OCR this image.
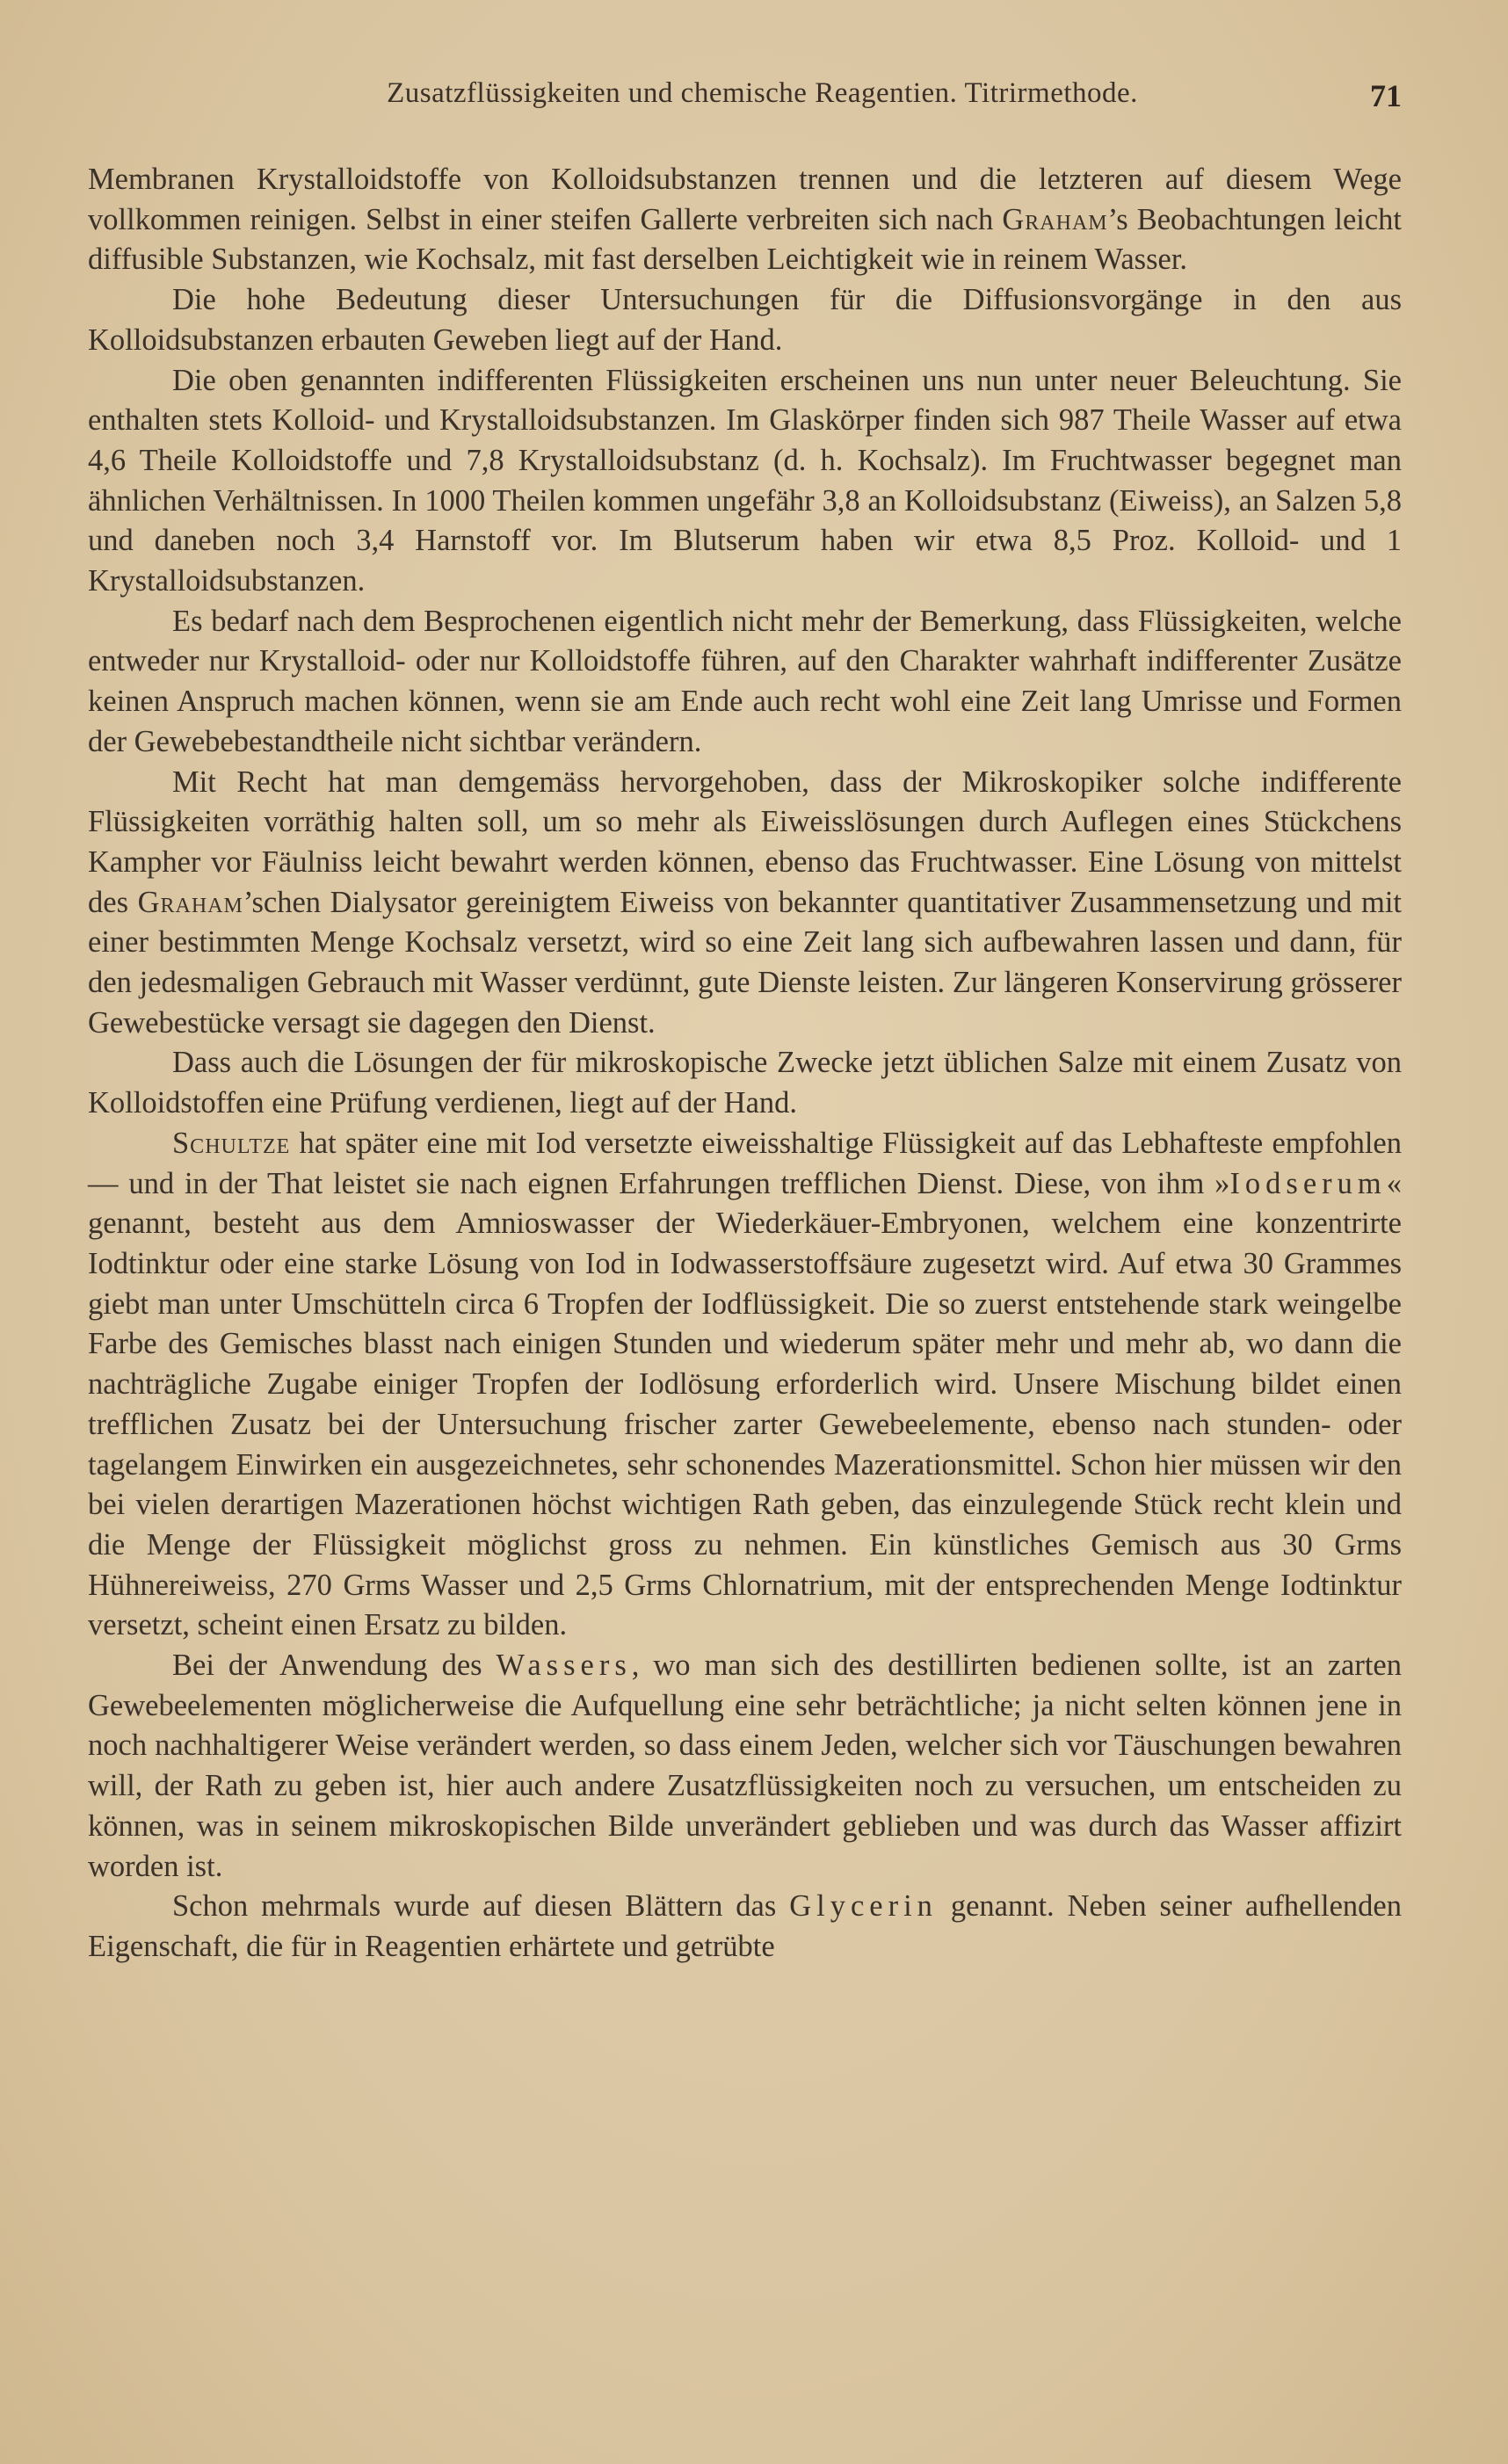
Zusatzflüssigkeiten und chemische Reagentien. Titrirmethode.	71

Membranen Krystalloidstoffe von Kolloidsubstanzen trennen und die letzteren auf diesem Wege vollkommen reinigen. Selbst in einer steifen Gallerte verbreiten sich nach Graham’s Beobachtungen leicht diffusible Substanzen, wie Kochsalz, mit fast derselben Leichtigkeit wie in reinem Wasser.

Die hohe Bedeutung dieser Untersuchungen für die Diffusionsvorgänge in den aus Kolloidsubstanzen erbauten Geweben liegt auf der Hand.

Die oben genannten indifferenten Flüssigkeiten erscheinen uns nun unter neuer Beleuchtung. Sie enthalten stets Kolloid- und Krystalloidsubstanzen. Im Glaskörper finden sich 987 Theile Wasser auf etwa 4,6 Theile Kolloidstoffe und 7,8 Krystalloidsubstanz (d. h. Kochsalz). Im Fruchtwasser begegnet man ähnlichen Verhältnissen. In 1000 Theilen kommen ungefähr 3,8 an Kolloidsubstanz (Eiweiss), an Salzen 5,8 und daneben noch 3,4 Harnstoff vor. Im Blutserum haben wir etwa 8,5 Proz. Kolloid- und 1 Krystalloidsubstanzen.

Es bedarf nach dem Besprochenen eigentlich nicht mehr der Bemerkung, dass Flüssigkeiten, welche entweder nur Krystalloid- oder nur Kolloidstoffe führen, auf den Charakter wahrhaft indifferenter Zusätze keinen Anspruch machen können, wenn sie am Ende auch recht wohl eine Zeit lang Umrisse und Formen der Gewebebestandtheile nicht sichtbar verändern.

Mit Recht hat man demgemäss hervorgehoben, dass der Mikroskopiker solche indifferente Flüssigkeiten vorräthig halten soll, um so mehr als Eiweisslösungen durch Auflegen eines Stückchens Kampher vor Fäulniss leicht bewahrt werden können, ebenso das Fruchtwasser. Eine Lösung von mittelst des Graham’schen Dialysator gereinigtem Eiweiss von bekannter quantitativer Zusammensetzung und mit einer bestimmten Menge Kochsalz versetzt, wird so eine Zeit lang sich aufbewahren lassen und dann, für den jedesmaligen Gebrauch mit Wasser verdünnt, gute Dienste leisten. Zur längeren Konservirung grösserer Gewebestücke versagt sie dagegen den Dienst.

Dass auch die Lösungen der für mikroskopische Zwecke jetzt üblichen Salze mit einem Zusatz von Kolloidstoffen eine Prüfung verdienen, liegt auf der Hand.

Schultze hat später eine mit Iod versetzte eiweisshaltige Flüssigkeit auf das Lebhafteste empfohlen — und in der That leistet sie nach eignen Erfahrungen trefflichen Dienst. Diese, von ihm »Iodserum« genannt, besteht aus dem Amnioswasser der Wiederkäuer-Embryonen, welchem eine konzentrirte Iodtinktur oder eine starke Lösung von Iod in Iodwasserstoffsäure zugesetzt wird. Auf etwa 30 Grammes giebt man unter Umschütteln circa 6 Tropfen der Iodflüssigkeit. Die so zuerst entstehende stark weingelbe Farbe des Gemisches blasst nach einigen Stunden und wiederum später mehr und mehr ab, wo dann die nachträgliche Zugabe einiger Tropfen der Iodlösung erforderlich wird. Unsere Mischung bildet einen trefflichen Zusatz bei der Untersuchung frischer zarter Gewebeelemente, ebenso nach stunden- oder tagelangem Einwirken ein ausgezeichnetes, sehr schonendes Mazerationsmittel. Schon hier müssen wir den bei vielen derartigen Mazerationen höchst wichtigen Rath geben, das einzulegende Stück recht klein und die Menge der Flüssigkeit möglichst gross zu nehmen. Ein künstliches Gemisch aus 30 Grms Hühnereiweiss, 270 Grms Wasser und 2,5 Grms Chlornatrium, mit der entsprechenden Menge Iodtinktur versetzt, scheint einen Ersatz zu bilden.

Bei der Anwendung des Wassers, wo man sich des destillirten bedienen sollte, ist an zarten Gewebeelementen möglicherweise die Aufquellung eine sehr beträchtliche; ja nicht selten können jene in noch nachhaltigerer Weise verändert werden, so dass einem Jeden, welcher sich vor Täuschungen bewahren will, der Rath zu geben ist, hier auch andere Zusatzflüssigkeiten noch zu versuchen, um entscheiden zu können, was in seinem mikroskopischen Bilde unverändert geblieben und was durch das Wasser affizirt worden ist.

Schon mehrmals wurde auf diesen Blättern das Glycerin genannt. Neben seiner aufhellenden Eigenschaft, die für in Reagentien erhärtete und getrübte
